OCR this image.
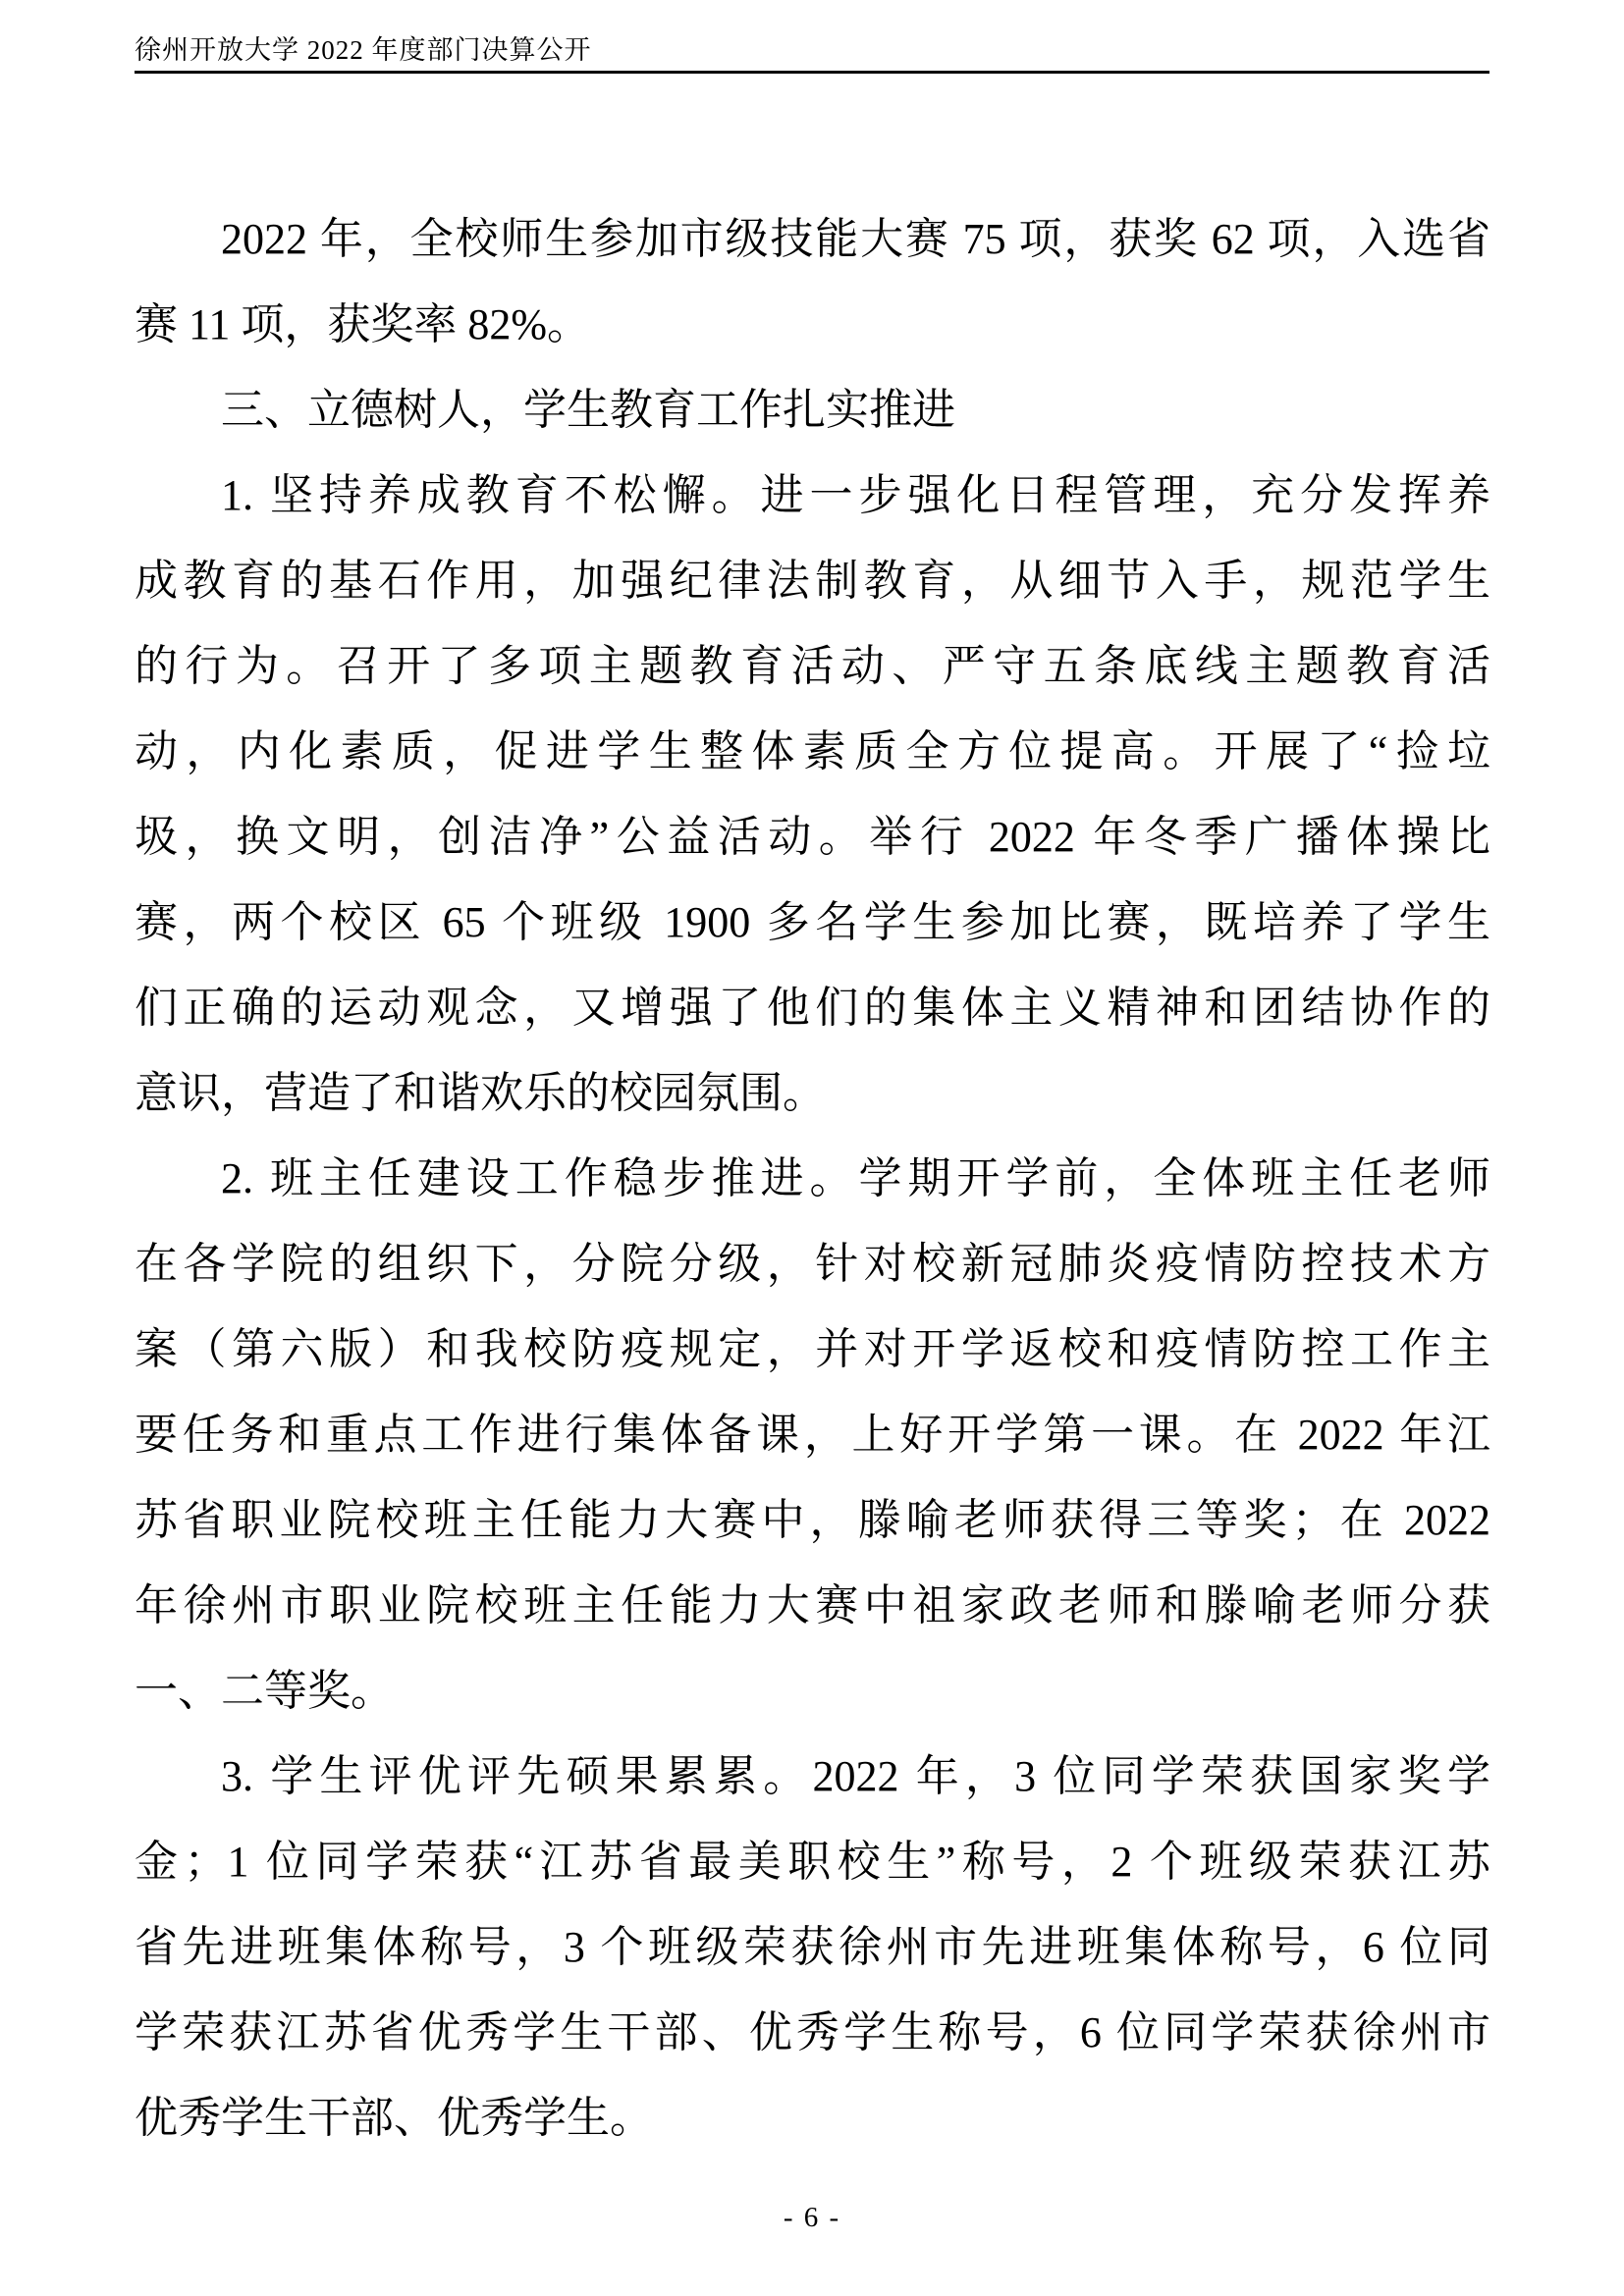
徐州开放大学 2022 年度部门决算公开
2022 年，全校师生参加市级技能大赛 75 项，获奖 62 项，入选省
赛 11 项，获奖率 82%。
三、立德树人，学生教育工作扎实推进
1. 坚持养成教育不松懈。进一步强化日程管理，充分发挥养
成教育的基石作用，加强纪律法制教育，从细节入手，规范学生
的行为。召开了多项主题教育活动、严守五条底线主题教育活
动，内化素质，促进学生整体素质全方位提高。开展了“捡垃
圾，换文明，创洁净”公益活动。举行 2022 年冬季广播体操比
赛，两个校区 65 个班级 1900 多名学生参加比赛，既培养了学生
们正确的运动观念，又增强了他们的集体主义精神和团结协作的
意识，营造了和谐欢乐的校园氛围。
2. 班主任建设工作稳步推进。学期开学前，全体班主任老师
在各学院的组织下，分院分级，针对校新冠肺炎疫情防控技术方
案（第六版）和我校防疫规定，并对开学返校和疫情防控工作主
要任务和重点工作进行集体备课，上好开学第一课。在 2022 年江
苏省职业院校班主任能力大赛中，滕喻老师获得三等奖；在 2022
年徐州市职业院校班主任能力大赛中祖家政老师和滕喻老师分获
一、二等奖。
3. 学生评优评先硕果累累。2022 年，3 位同学荣获国家奖学
金；1 位同学荣获“江苏省最美职校生”称号，2 个班级荣获江苏
省先进班集体称号，3 个班级荣获徐州市先进班集体称号，6 位同
学荣获江苏省优秀学生干部、优秀学生称号，6 位同学荣获徐州市
优秀学生干部、优秀学生。
- 6 -
